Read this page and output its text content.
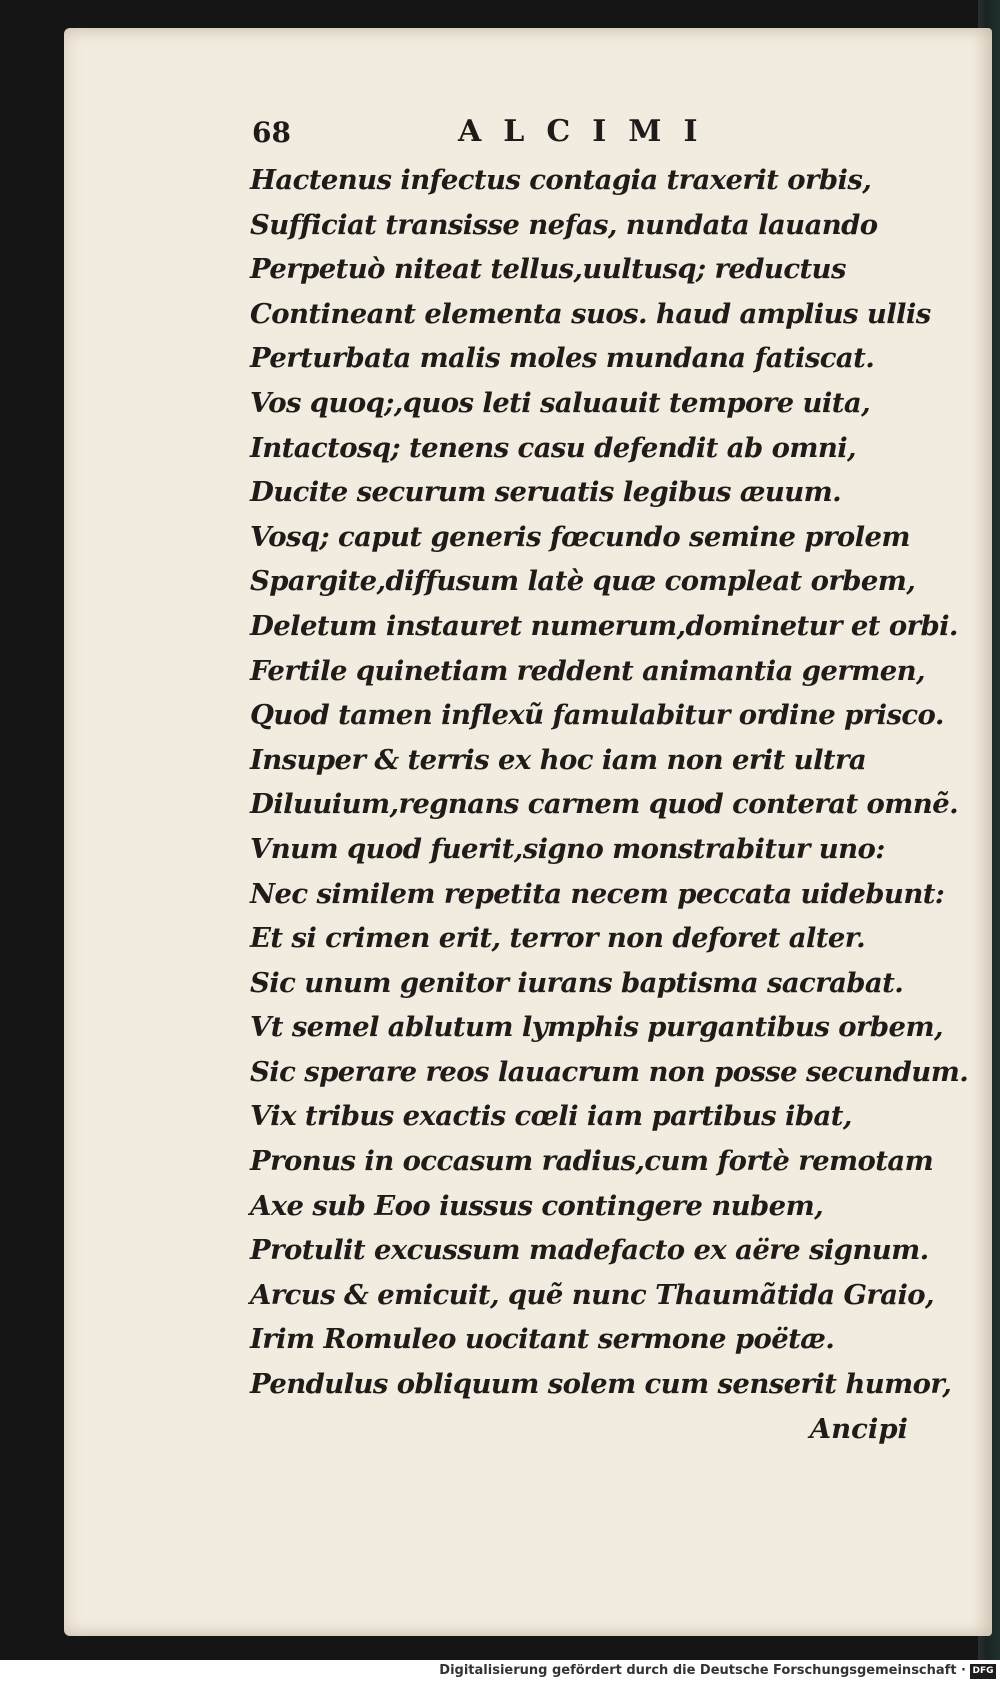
68	ALCIMI
Hactenus infectus contagia traxerit orbis,
Sufficiat transisse nefas, nundata lauando
Perpetuò niteat tellus,uultusq; reductus
Contineant elementa suos. haud amplius ullis
Perturbata malis moles mundana fatiscat.
Vos quoq;,quos leti saluauit tempore uita,
Intactosq; tenens casu defendit ab omni,
Ducite securum seruatis legibus æuum.
Vosq; caput generis fœcundo semine prolem
Spargite,diffusum latè quæ compleat orbem,
Deletum instauret numerum,dominetur et orbi.
Fertile quinetiam reddent animantia germen,
Quod tamen inflexũ famulabitur ordine prisco.
Insuper & terris ex hoc iam non erit ultra
Diluuium,regnans carnem quod conterat omnẽ.
Vnum quod fuerit,signo monstrabitur uno:
Nec similem repetita necem peccata uidebunt:
Et si crimen erit, terror non deforet alter.
Sic unum genitor iurans baptisma sacrabat.
Vt semel ablutum lymphis purgantibus orbem,
Sic sperare reos lauacrum non posse secundum.
Vix tribus exactis cœli iam partibus ibat,
Pronus in occasum radius,cum fortè remotam
Axe sub Eoo iussus contingere nubem,
Protulit excussum madefacto ex aëre signum.
Arcus & emicuit, quẽ nunc Thaumãtida Graio,
Irim Romuleo uocitant sermone poëtæ.
Pendulus obliquum solem cum senserit humor,
Ancipi
Digitalisierung gefördert durch die Deutsche Forschungsgemeinschaft · DFG
